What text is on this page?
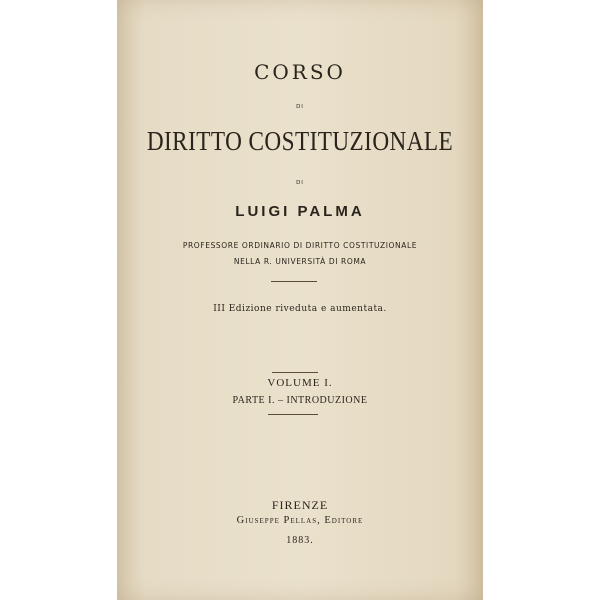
CORSO
DI
DIRITTO COSTITUZIONALE
DI
LUIGI PALMA
PROFESSORE ORDINARIO DI DIRITTO COSTITUZIONALE
NELLA R. UNIVERSITÀ DI ROMA
III Edizione riveduta e aumentata.
VOLUME I.
PARTE I. – INTRODUZIONE
FIRENZE
Giuseppe Pellas, Editore
1883.
